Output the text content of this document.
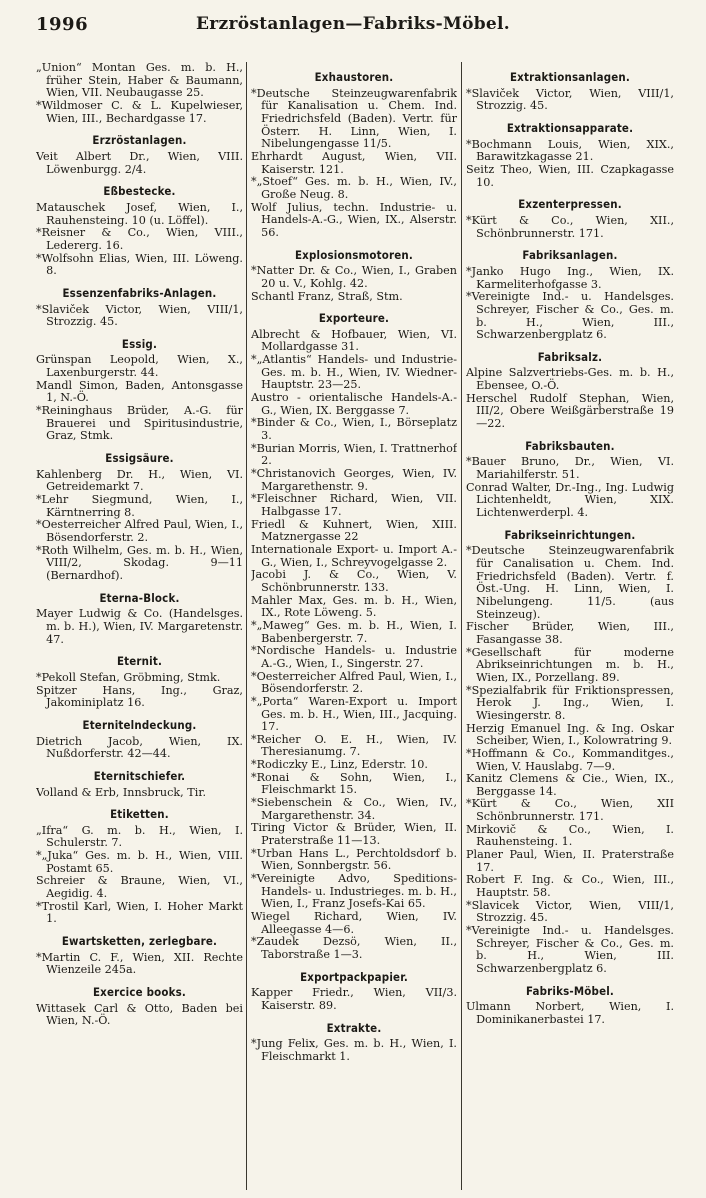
1996	Erzröstanlagen—Fabriks-Möbel.
„Union“ Montan Ges. m. b. H., früher Stein, Haber & Baumann, Wien, VII. Neubaugasse 25.
*Wildmoser C. & L. Kupelwieser, Wien, III., Bechardgasse 17.
Erzröstanlagen.
Veit Albert Dr., Wien, VIII. Löwenburgg. 2/4.
Eßbestecke.
Matauschek Josef, Wien, I., Rauhensteing. 10 (u. Löffel).
*Reisner & Co., Wien, VIII., Ledererg. 16.
*Wolfsohn Elias, Wien, III. Löweng. 8.
Essenzenfabriks-Anlagen.
*Slaviček Victor, Wien, VIII/1, Strozzig. 45.
Essig.
Grünspan Leopold, Wien, X., Laxenburgerstr. 44.
Mandl Simon, Baden, Antonsgasse 1, N.-Ö.
*Reininghaus Brüder, A.-G. für Brauerei und Spiritusindustrie, Graz, Stmk.
Essigsäure.
Kahlenberg Dr. H., Wien, VI. Getreidemarkt 7.
*Lehr Siegmund, Wien, I., Kärntnerring 8.
*Oesterreicher Alfred Paul, Wien, I., Bösendorferstr. 2.
*Roth Wilhelm, Ges. m. b. H., Wien, VIII/2, Skodag. 9—11 (Bernardhof).
Eterna-Block.
Mayer Ludwig & Co. (Handelsges. m. b. H.), Wien, IV. Margaretenstr. 47.
Eternit.
*Pekoll Stefan, Gröbming, Stmk.
Spitzer Hans, Ing., Graz, Jakominiplatz 16.
Eternitelndeckung.
Dietrich Jacob, Wien, IX. Nußdorferstr. 42—44.
Eternitschiefer.
Volland & Erb, Innsbruck, Tir.
Etiketten.
„Ifra“ G. m. b. H., Wien, I. Schulerstr. 7.
*„Juka“ Ges. m. b. H., Wien, VIII. Postamt 65.
Schreier & Braune, Wien, VI., Aegidig. 4.
*Trostil Karl, Wien, I. Hoher Markt 1.
Ewartsketten, zerlegbare.
*Martin C. F., Wien, XII. Rechte Wienzeile 245a.
Exercice books.
Wittasek Carl & Otto, Baden bei Wien, N.-Ö.
Exhaustoren.
*Deutsche Steinzeugwarenfabrik für Kanalisation u. Chem. Ind. Friedrichsfeld (Baden). Vertr. für Österr. H. Linn, Wien, I. Nibelungengasse 11/5.
Ehrhardt August, Wien, VII. Kaiserstr. 121.
*„Stoef“ Ges. m. b. H., Wien, IV., Große Neug. 8.
Wolf Julius, techn. Industrie- u. Handels-A.-G., Wien, IX., Alserstr. 56.
Explosionsmotoren.
*Natter Dr. & Co., Wien, I., Graben 20 u. V., Kohlg. 42.
Schantl Franz, Straß, Stm.
Exporteure.
Albrecht & Hofbauer, Wien, VI. Mollardgasse 31.
*„Atlantis“ Handels- und Industrie-Ges. m. b. H., Wien, IV. Wiedner-Hauptstr. 23—25.
Austro - orientalische Handels-A.-G., Wien, IX. Berggasse 7.
*Binder & Co., Wien, I., Börseplatz 3.
*Burian Morris, Wien, I. Trattnerhof 2.
*Christanovich Georges, Wien, IV. Margarethenstr. 9.
*Fleischner Richard, Wien, VII. Halbgasse 17.
Friedl & Kuhnert, Wien, XIII. Matznergasse 22
Internationale Export- u. Import A.-G., Wien, I., Schreyvogelgasse 2.
Jacobi J. & Co., Wien, V. Schönbrunnerstr. 133.
Mahler Max, Ges. m. b. H., Wien, IX., Rote Löweng. 5.
*„Maweg“ Ges. m. b. H., Wien, I. Babenbergerstr. 7.
*Nordische Handels- u. Industrie A.-G., Wien, I., Singerstr. 27.
*Oesterreicher Alfred Paul, Wien, I., Bösendorferstr. 2.
*„Porta“ Waren-Export u. Import Ges. m. b. H., Wien, III., Jacquing. 17.
*Reicher O. E. H., Wien, IV. Theresianumg. 7.
*Rodiczky E., Linz, Ederstr. 10.
*Ronai & Sohn, Wien, I., Fleischmarkt 15.
*Siebenschein & Co., Wien, IV., Margarethenstr. 34.
Tiring Victor & Brüder, Wien, II. Praterstraße 11—13.
*Urban Hans L., Perchtoldsdorf b. Wien, Sonnbergstr. 56.
*Vereinigte Advo, Speditions-Handels- u. Industrieges. m. b. H., Wien, I., Franz Josefs-Kai 65.
Wiegel Richard, Wien, IV. Alleegasse 4—6.
*Zaudek Dezsö, Wien, II., Taborstraße 1—3.
Exportpackpapier.
Kapper Friedr., Wien, VII/3. Kaiserstr. 89.
Extrakte.
*Jung Felix, Ges. m. b. H., Wien, I. Fleischmarkt 1.
Extraktionsanlagen.
*Slaviček Victor, Wien, VIII/1, Strozzig. 45.
Extraktionsapparate.
*Bochmann Louis, Wien, XIX., Barawitzkagasse 21.
Seitz Theo, Wien, III. Czapkagasse 10.
Exzenterpressen.
*Kürt & Co., Wien, XII., Schönbrunnerstr. 171.
Fabriksanlagen.
*Janko Hugo Ing., Wien, IX. Karmeliterhofgasse 3.
*Vereinigte Ind.- u. Handelsges. Schreyer, Fischer & Co., Ges. m. b. H., Wien, III., Schwarzenbergplatz 6.
Fabriksalz.
Alpine Salzvertriebs-Ges. m. b. H., Ebensee, O.-Ö.
Herschel Rudolf Stephan, Wien, III/2, Obere Weißgärberstraße 19—22.
Fabriksbauten.
*Bauer Bruno, Dr., Wien, VI. Mariahilferstr. 51.
Conrad Walter, Dr.-Ing., Ing. Ludwig Lichtenheldt, Wien, XIX. Lichtenwerderpl. 4.
Fabrikseinrichtungen.
*Deutsche Steinzeugwarenfabrik für Canalisation u. Chem. Ind. Friedrichsfeld (Baden). Vertr. f. Öst.-Ung. H. Linn, Wien, I. Nibelungeng. 11/5. (aus Steinzeug).
Fischer Brüder, Wien, III., Fasangasse 38.
*Gesellschaft für moderne Abrikseinrichtungen m. b. H., Wien, IX., Porzellang. 89.
*Spezialfabrik für Friktionspressen, Herok J. Ing., Wien, I. Wiesingerstr. 8.
Herzig Emanuel Ing. & Ing. Oskar Scheiber, Wien, I., Kolowratring 9.
*Hoffmann & Co., Kommanditges., Wien, V. Hauslabg. 7—9.
Kanitz Clemens & Cie., Wien, IX., Berggasse 14.
*Kürt & Co., Wien, XII Schönbrunnerstr. 171.
Mirkovič & Co., Wien, I. Rauhensteing. 1.
Planer Paul, Wien, II. Praterstraße 17.
Robert F. Ing. & Co., Wien, III., Hauptstr. 58.
*Slavicek Victor, Wien, VIII/1, Strozzig. 45.
*Vereinigte Ind.- u. Handelsges. Schreyer, Fischer & Co., Ges. m. b. H., Wien, III. Schwarzenbergplatz 6.
Fabriks-Möbel.
Ulmann Norbert, Wien, I. Dominikanerbastei 17.
